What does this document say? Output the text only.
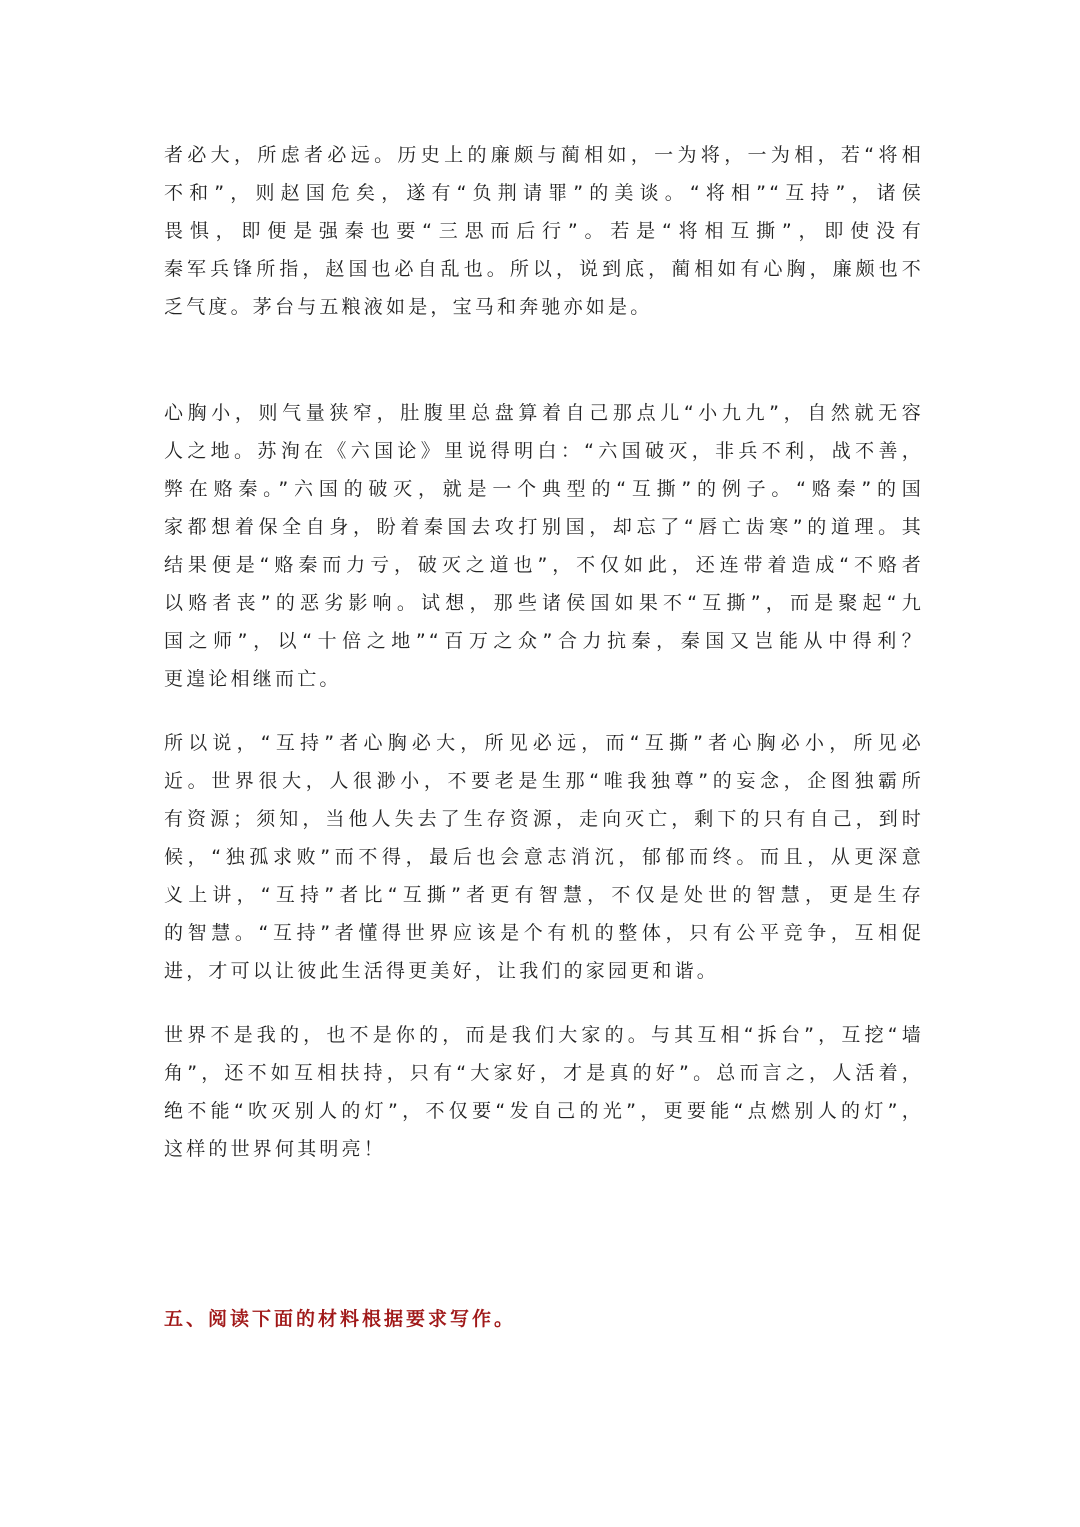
者必大，所虑者必远。历史上的廉颇与蔺相如，一为将，一为相，若“将相
不和”，则赵国危矣，遂有“负荆请罪”的美谈。“将相”“互持”，诸侯
畏惧，即便是强秦也要“三思而后行”。若是“将相互撕”，即使没有
秦军兵锋所指，赵国也必自乱也。所以，说到底，蔺相如有心胸，廉颇也不
乏气度。茅台与五粮液如是，宝马和奔驰亦如是。

心胸小，则气量狭窄，肚腹里总盘算着自己那点儿“小九九”，自然就无容
人之地。苏洵在《六国论》里说得明白：“六国破灭，非兵不利，战不善，
弊在赂秦。”六国的破灭，就是一个典型的“互撕”的例子。“赂秦”的国
家都想着保全自身，盼着秦国去攻打别国，却忘了“唇亡齿寒”的道理。其
结果便是“赂秦而力亏，破灭之道也”，不仅如此，还连带着造成“不赂者
以赂者丧”的恶劣影响。试想，那些诸侯国如果不“互撕”，而是聚起“九
国之师”，以“十倍之地”“百万之众”合力抗秦，秦国又岂能从中得利？
更遑论相继而亡。

所以说，“互持”者心胸必大，所见必远，而“互撕”者心胸必小，所见必
近。世界很大，人很渺小，不要老是生那“唯我独尊”的妄念，企图独霸所
有资源；须知，当他人失去了生存资源，走向灭亡，剩下的只有自己，到时
候，“独孤求败”而不得，最后也会意志消沉，郁郁而终。而且，从更深意
义上讲，“互持”者比“互撕”者更有智慧，不仅是处世的智慧，更是生存
的智慧。“互持”者懂得世界应该是个有机的整体，只有公平竞争，互相促
进，才可以让彼此生活得更美好，让我们的家园更和谐。

世界不是我的，也不是你的，而是我们大家的。与其互相“拆台”，互挖“墙
角”，还不如互相扶持，只有“大家好，才是真的好”。总而言之，人活着，
绝不能“吹灭别人的灯”，不仅要“发自己的光”，更要能“点燃别人的灯”，
这样的世界何其明亮！

五、阅读下面的材料根据要求写作。
